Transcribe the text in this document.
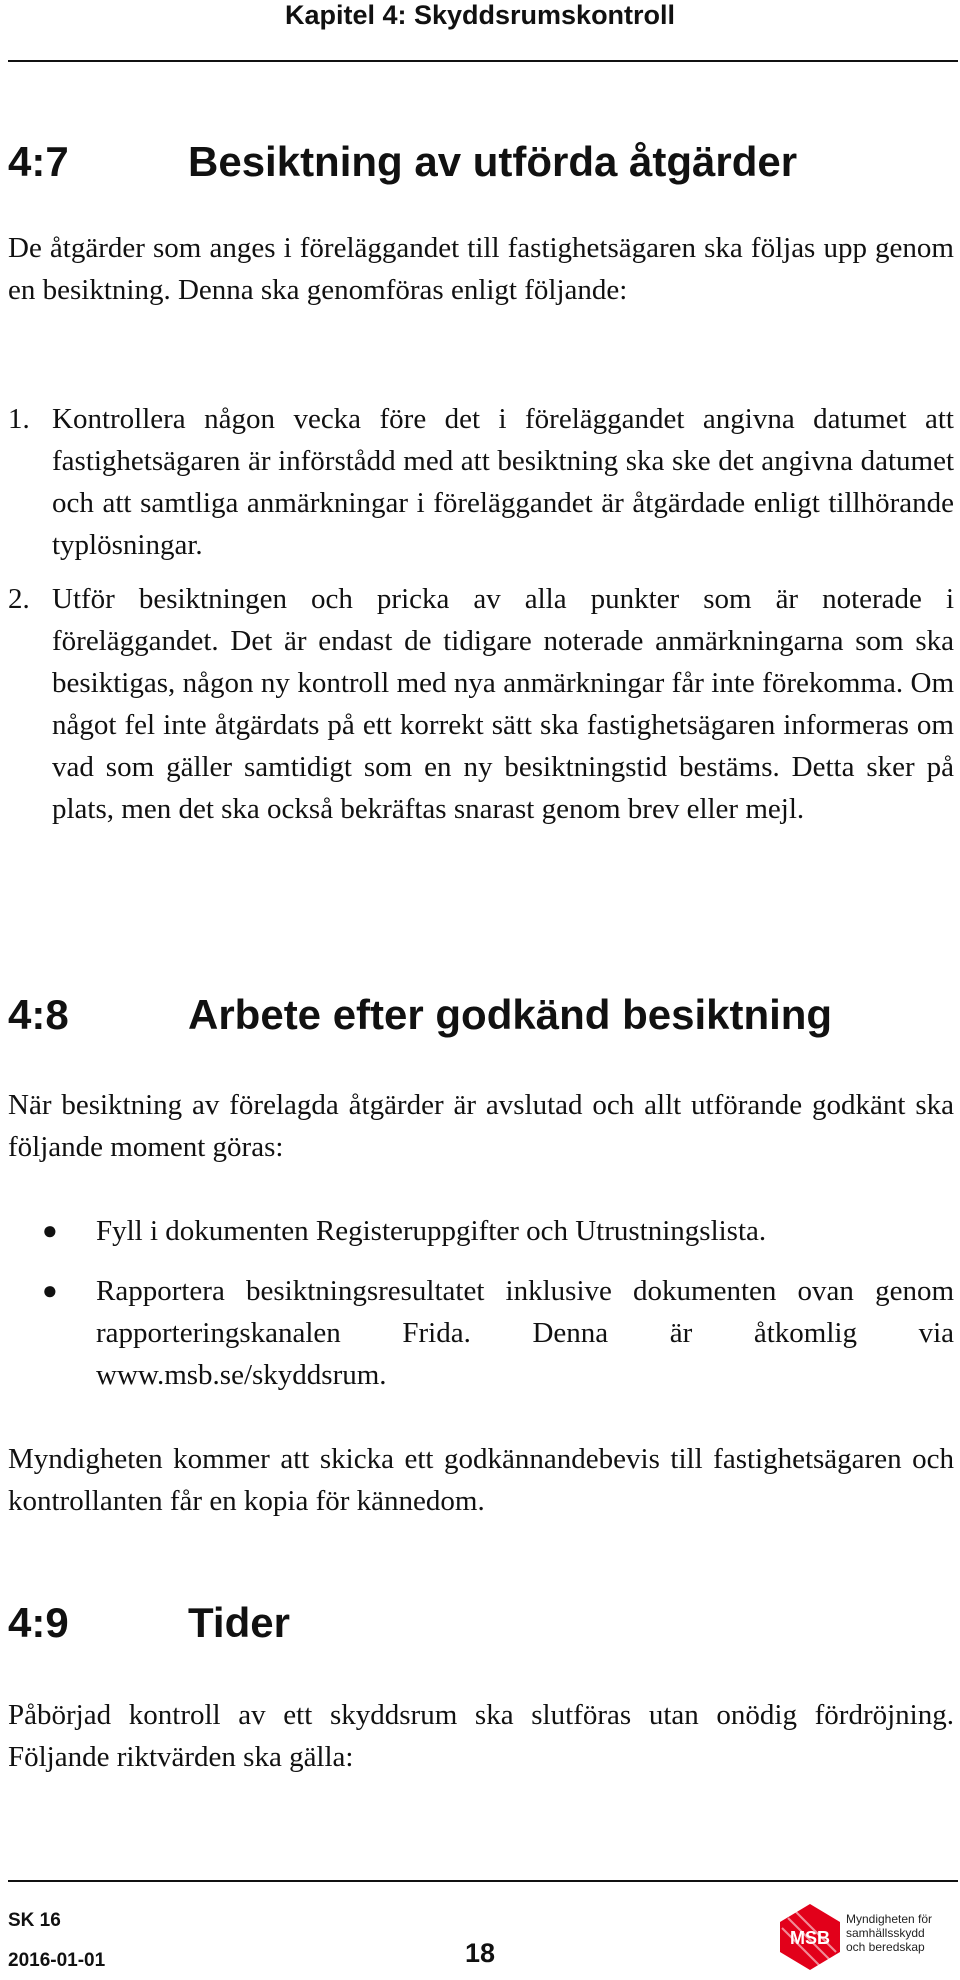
Kapitel 4: Skyddsrumskontroll
4:7	Besiktning av utförda åtgärder

De åtgärder som anges i föreläggandet till fastighetsägaren ska följas upp genom en besiktning. Denna ska genomföras enligt följande:

1. Kontrollera någon vecka före det i föreläggandet angivna datumet att fastighetsägaren är införstådd med att besiktning ska ske det angivna datumet och att samtliga anmärkningar i föreläggandet är åtgärdade enligt tillhörande typlösningar.

2. Utför besiktningen och pricka av alla punkter som är noterade i föreläggandet. Det är endast de tidigare noterade anmärkningarna som ska besiktigas, någon ny kontroll med nya anmärkningar får inte förekomma. Om något fel inte åtgärdats på ett korrekt sätt ska fastighetsägaren informeras om vad som gäller samtidigt som en ny besiktningstid bestäms. Detta sker på plats, men det ska också bekräftas snarast genom brev eller mejl.

4:8	Arbete efter godkänd besiktning

När besiktning av förelagda åtgärder är avslutad och allt utförande godkänt ska följande moment göras:

● Fyll i dokumenten Registeruppgifter och Utrustningslista.

● Rapportera besiktningsresultatet inklusive dokumenten ovan genom rapporteringskanalen Frida. Denna är åtkomlig via www.msb.se/skyddsrum.

Myndigheten kommer att skicka ett godkännandebevis till fastighetsägaren och kontrollanten får en kopia för kännedom.

4:9	Tider

Påbörjad kontroll av ett skyddsrum ska slutföras utan onödig fördröjning. Följande riktvärden ska gälla:

SK 16
2016-01-01	18	MSB
Myndigheten för
samhällsskydd
och beredskap
